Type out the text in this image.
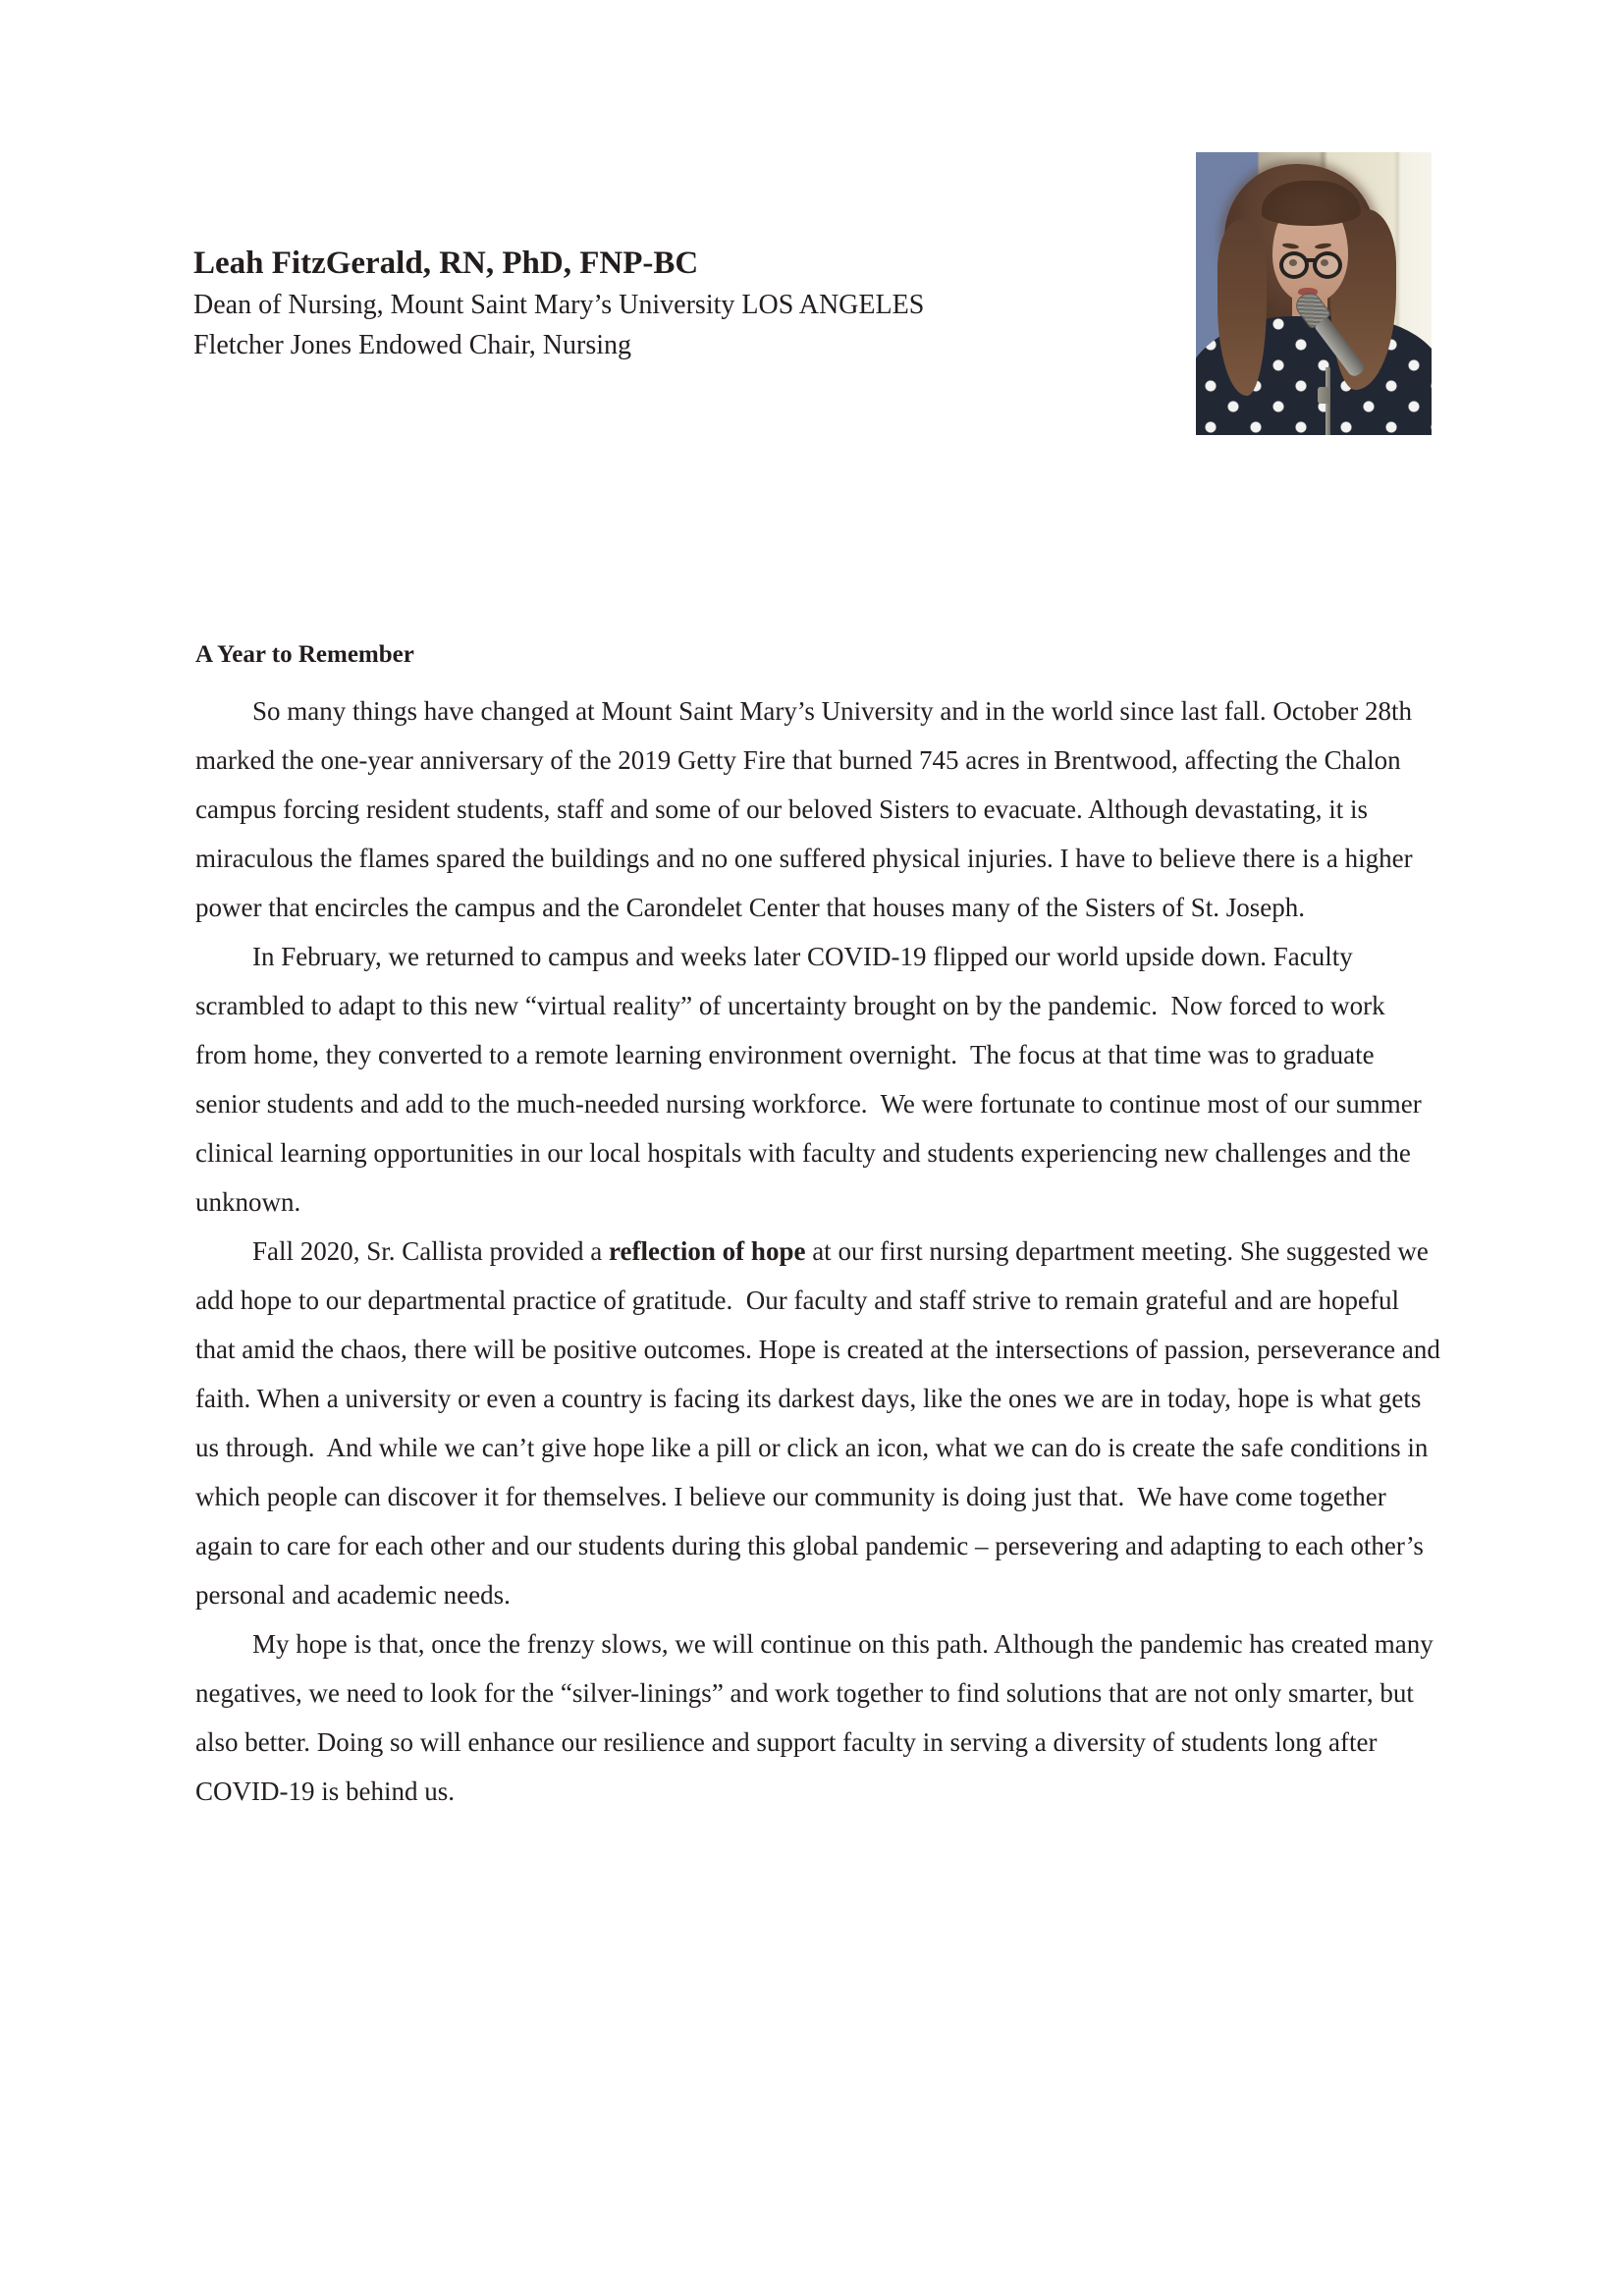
Leah FitzGerald, RN, PhD, FNP-BC

Dean of Nursing, Mount Saint Mary’s University LOS ANGELES

Fletcher Jones Endowed Chair, Nursing

A Year to Remember

So many things have changed at Mount Saint Mary’s University and in the world since last fall. October 28th marked the one-year anniversary of the 2019 Getty Fire that burned 745 acres in Brentwood, affecting the Chalon campus forcing resident students, staff and some of our beloved Sisters to evacuate. Although devastating, it is miraculous the flames spared the buildings and no one suffered physical injuries. I have to believe there is a higher power that encircles the campus and the Carondelet Center that houses many of the Sisters of St. Joseph.

In February, we returned to campus and weeks later COVID-19 flipped our world upside down. Faculty scrambled to adapt to this new “virtual reality” of uncertainty brought on by the pandemic.  Now forced to work from home, they converted to a remote learning environment overnight.  The focus at that time was to graduate senior students and add to the much-needed nursing workforce.  We were fortunate to continue most of our summer clinical learning opportunities in our local hospitals with faculty and students experiencing new challenges and the unknown.

Fall 2020, Sr. Callista provided a reflection of hope at our first nursing department meeting. She suggested we add hope to our departmental practice of gratitude.  Our faculty and staff strive to remain grateful and are hopeful that amid the chaos, there will be positive outcomes. Hope is created at the intersections of passion, perseverance and faith. When a university or even a country is facing its darkest days, like the ones we are in today, hope is what gets us through.  And while we can’t give hope like a pill or click an icon, what we can do is create the safe conditions in which people can discover it for themselves. I believe our community is doing just that.  We have come together again to care for each other and our students during this global pandemic – persevering and adapting to each other’s personal and academic needs.

My hope is that, once the frenzy slows, we will continue on this path. Although the pandemic has created many negatives, we need to look for the “silver-linings” and work together to find solutions that are not only smarter, but also better. Doing so will enhance our resilience and support faculty in serving a diversity of students long after COVID-19 is behind us.
